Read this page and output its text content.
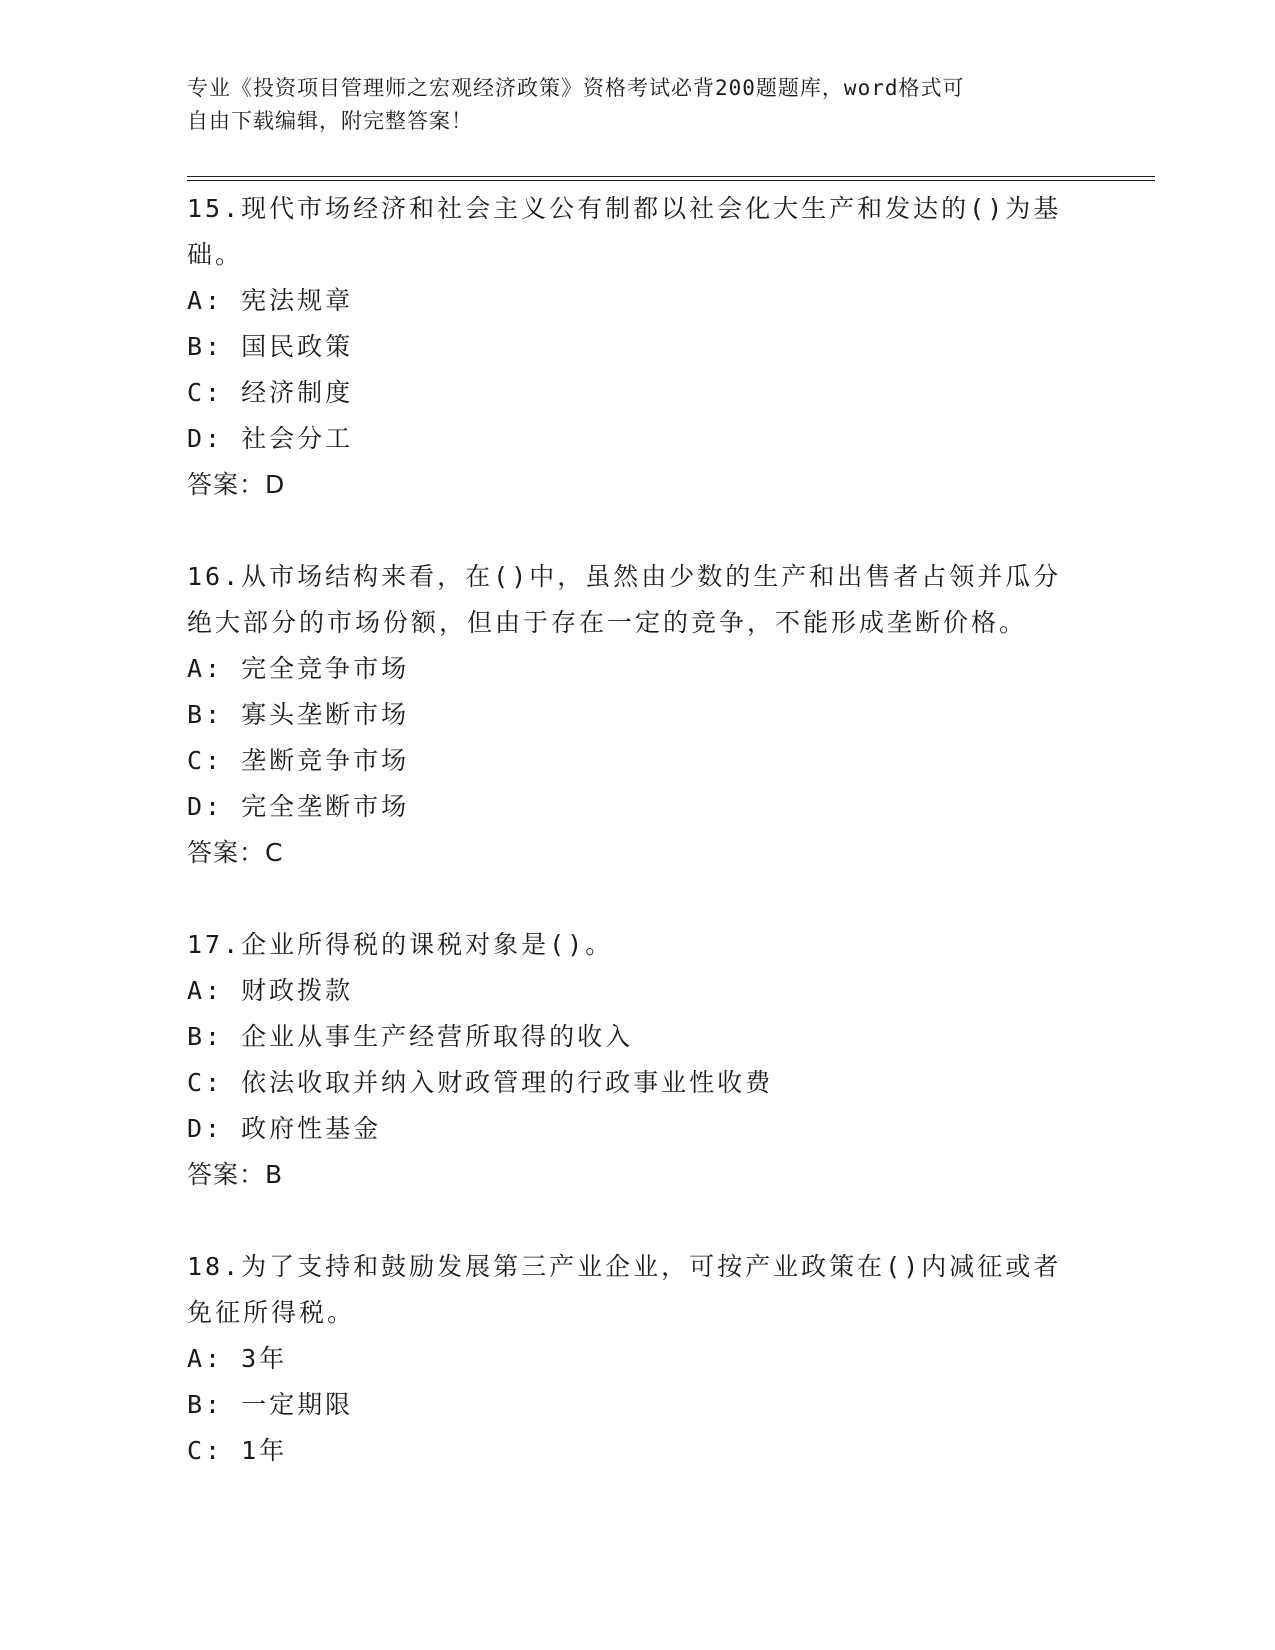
专业《投资项目管理师之宏观经济政策》资格考试必背200题题库，word格式可
自由下载编辑，附完整答案！
15.现代市场经济和社会主义公有制都以社会化大生产和发达的()为基础。
A: 宪法规章
B: 国民政策
C: 经济制度
D: 社会分工
答案：D
16.从市场结构来看，在()中，虽然由少数的生产和出售者占领并瓜分绝大部分的市场份额，但由于存在一定的竞争，不能形成垄断价格。
A: 完全竞争市场
B: 寡头垄断市场
C: 垄断竞争市场
D: 完全垄断市场
答案：C
17.企业所得税的课税对象是()。
A: 财政拨款
B: 企业从事生产经营所取得的收入
C: 依法收取并纳入财政管理的行政事业性收费
D: 政府性基金
答案：B
18.为了支持和鼓励发展第三产业企业，可按产业政策在()内减征或者免征所得税。
A: 3年
B: 一定期限
C: 1年
